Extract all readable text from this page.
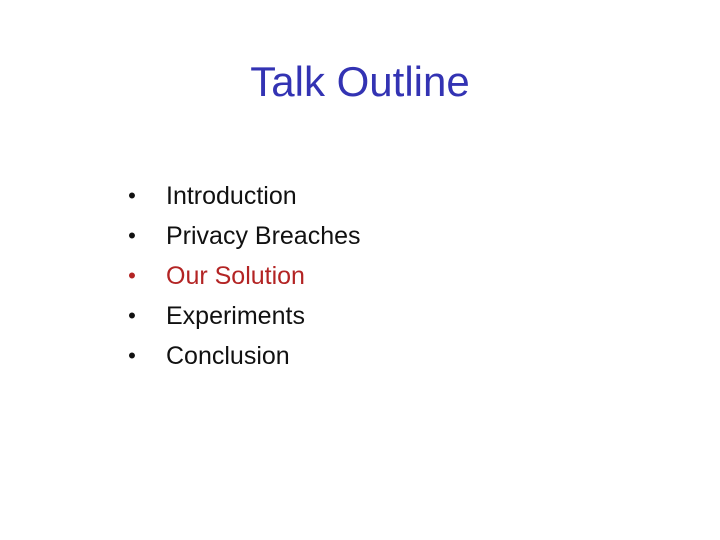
Talk Outline
• Introduction
• Privacy Breaches
• Our Solution
• Experiments
• Conclusion
